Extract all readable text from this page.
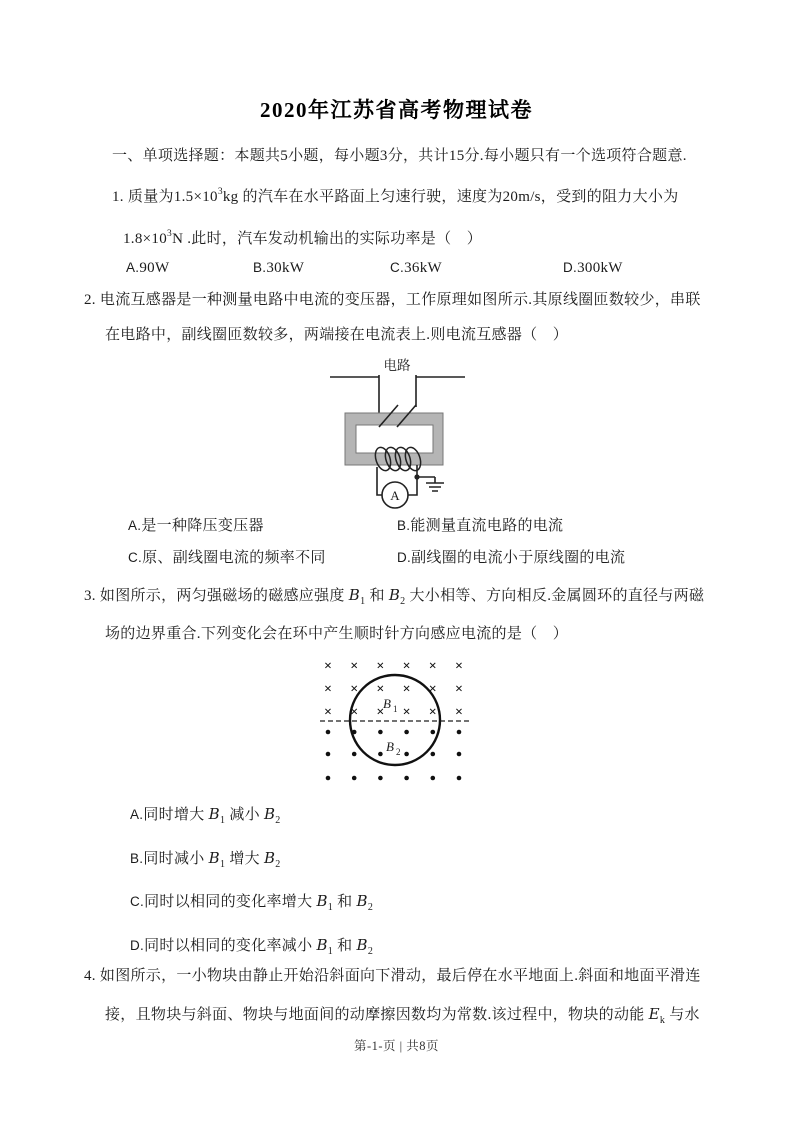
2020年江苏省高考物理试卷
一、单项选择题：本题共5小题，每小题3分，共计15分.每小题只有一个选项符合题意.
1. 质量为$1.5\times 10^3kg$ 的汽车在水平路面上匀速行驶，速度为20m/s，受到的阻力大小为
$1.8\times 10^3N$ .此时，汽车发动机输出的实际功率是（　）
A.90W	B.30kW	C.36kW	D.300kW
2. 电流互感器是一种测量电路中电流的变压器，工作原理如图所示.其原线圈匝数较少，串联
在电路中，副线圈匝数较多，两端接在电流表上.则电流互感器（　）
电路
A
A.是一种降压变压器	B.能测量直流电路的电流
C.原、副线圈电流的频率不同	D.副线圈的电流小于原线圈的电流
3. 如图所示，两匀强磁场的磁感应强度 $B_1$ 和 $B_2$ 大小相等、方向相反.金属圆环的直径与两磁
场的边界重合.下列变化会在环中产生顺时针方向感应电流的是（　）
× × × × × ×
× × × × × ×
× × × × × ×
B 1
B 2
A.同时增大 $B_1$ 减小 $B_2$
B.同时减小 $B_1$ 增大 $B_2$
C.同时以相同的变化率增大 $B_1$ 和 $B_2$
D.同时以相同的变化率减小 $B_1$ 和 $B_2$
4. 如图所示，一小物块由静止开始沿斜面向下滑动，最后停在水平地面上.斜面和地面平滑连
接，且物块与斜面、物块与地面间的动摩擦因数均为常数.该过程中，物块的动能 $E_k$ 与水
第-1-页 | 共8页
